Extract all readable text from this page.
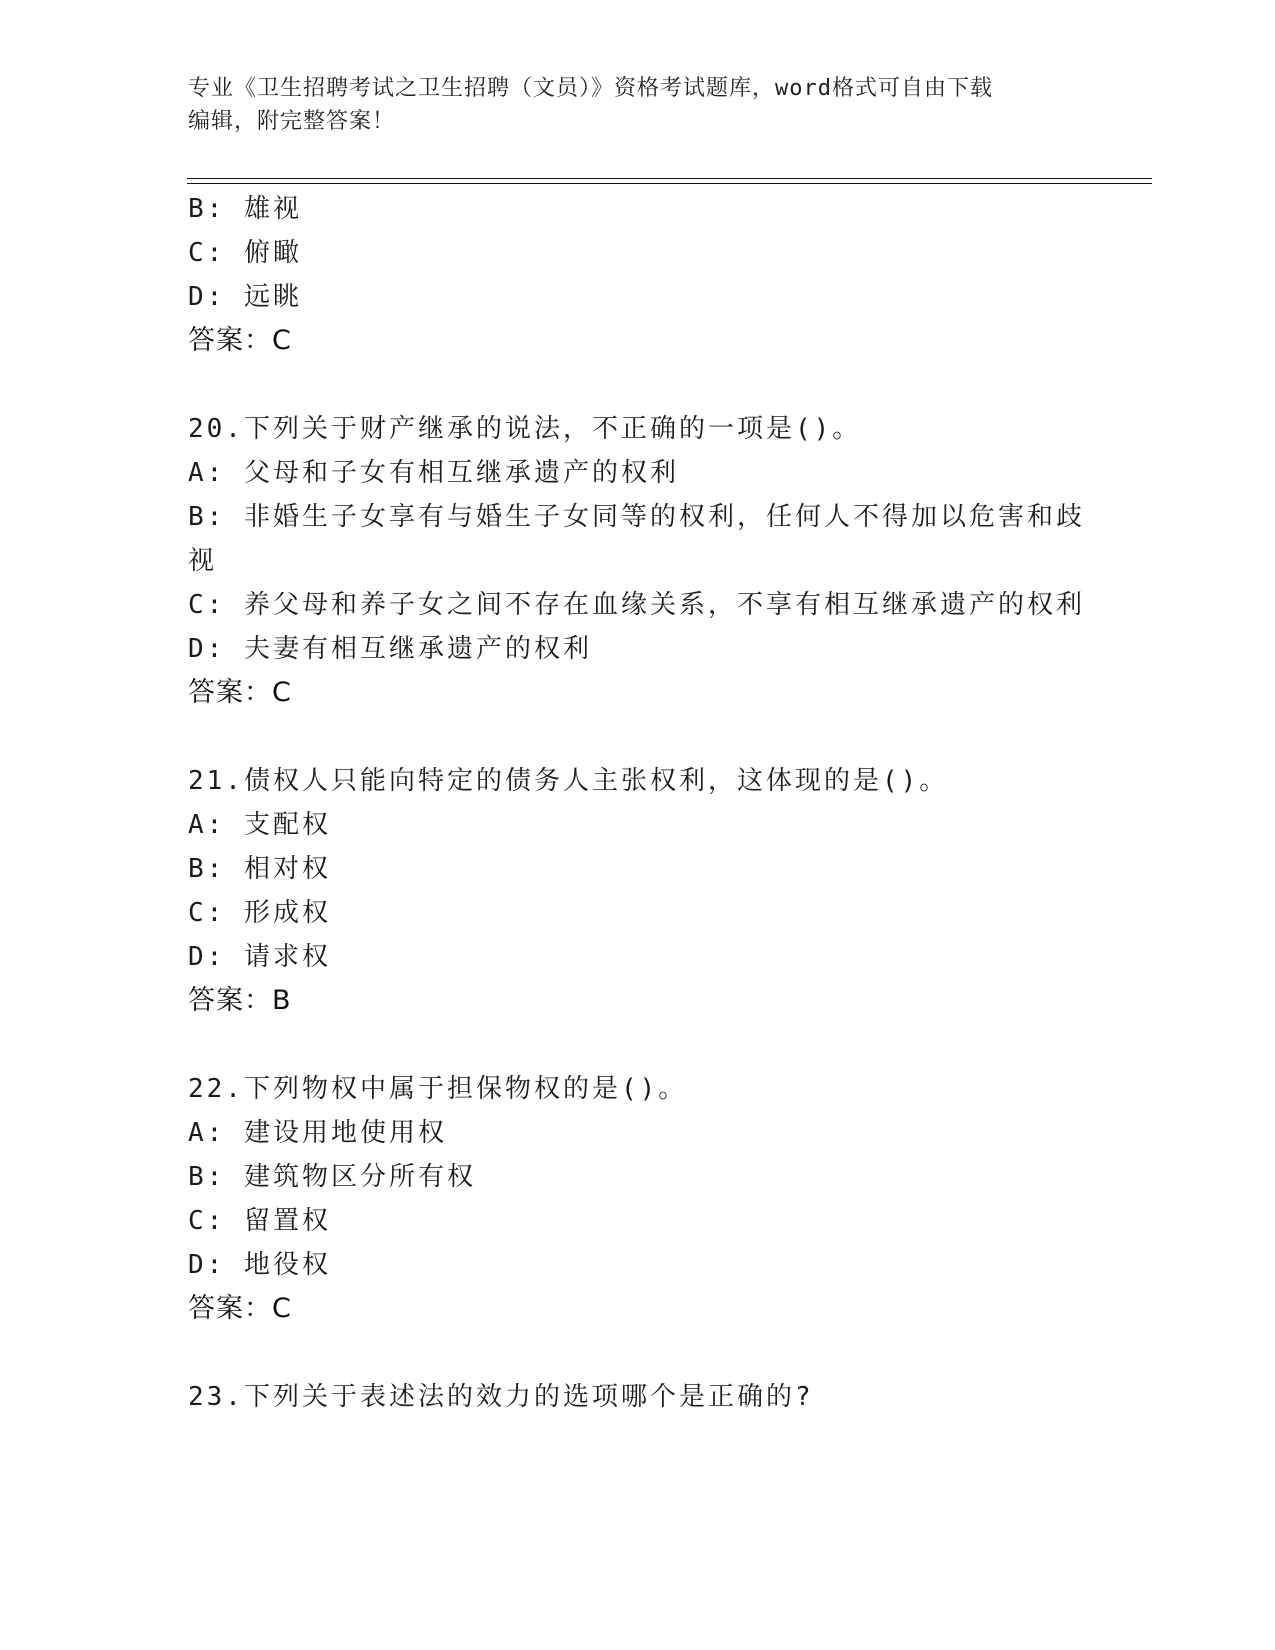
专业《卫生招聘考试之卫生招聘（文员）》资格考试题库，word格式可自由下载
编辑，附完整答案！
B: 雄视
C: 俯瞰
D: 远眺
答案：C
20.下列关于财产继承的说法，不正确的一项是()。
A: 父母和子女有相互继承遗产的权利
B: 非婚生子女享有与婚生子女同等的权利，任何人不得加以危害和歧
视
C: 养父母和养子女之间不存在血缘关系，不享有相互继承遗产的权利
D: 夫妻有相互继承遗产的权利
答案：C
21.债权人只能向特定的债务人主张权利，这体现的是()。
A: 支配权
B: 相对权
C: 形成权
D: 请求权
答案：B
22.下列物权中属于担保物权的是()。
A: 建设用地使用权
B: 建筑物区分所有权
C: 留置权
D: 地役权
答案：C
23.下列关于表述法的效力的选项哪个是正确的?
